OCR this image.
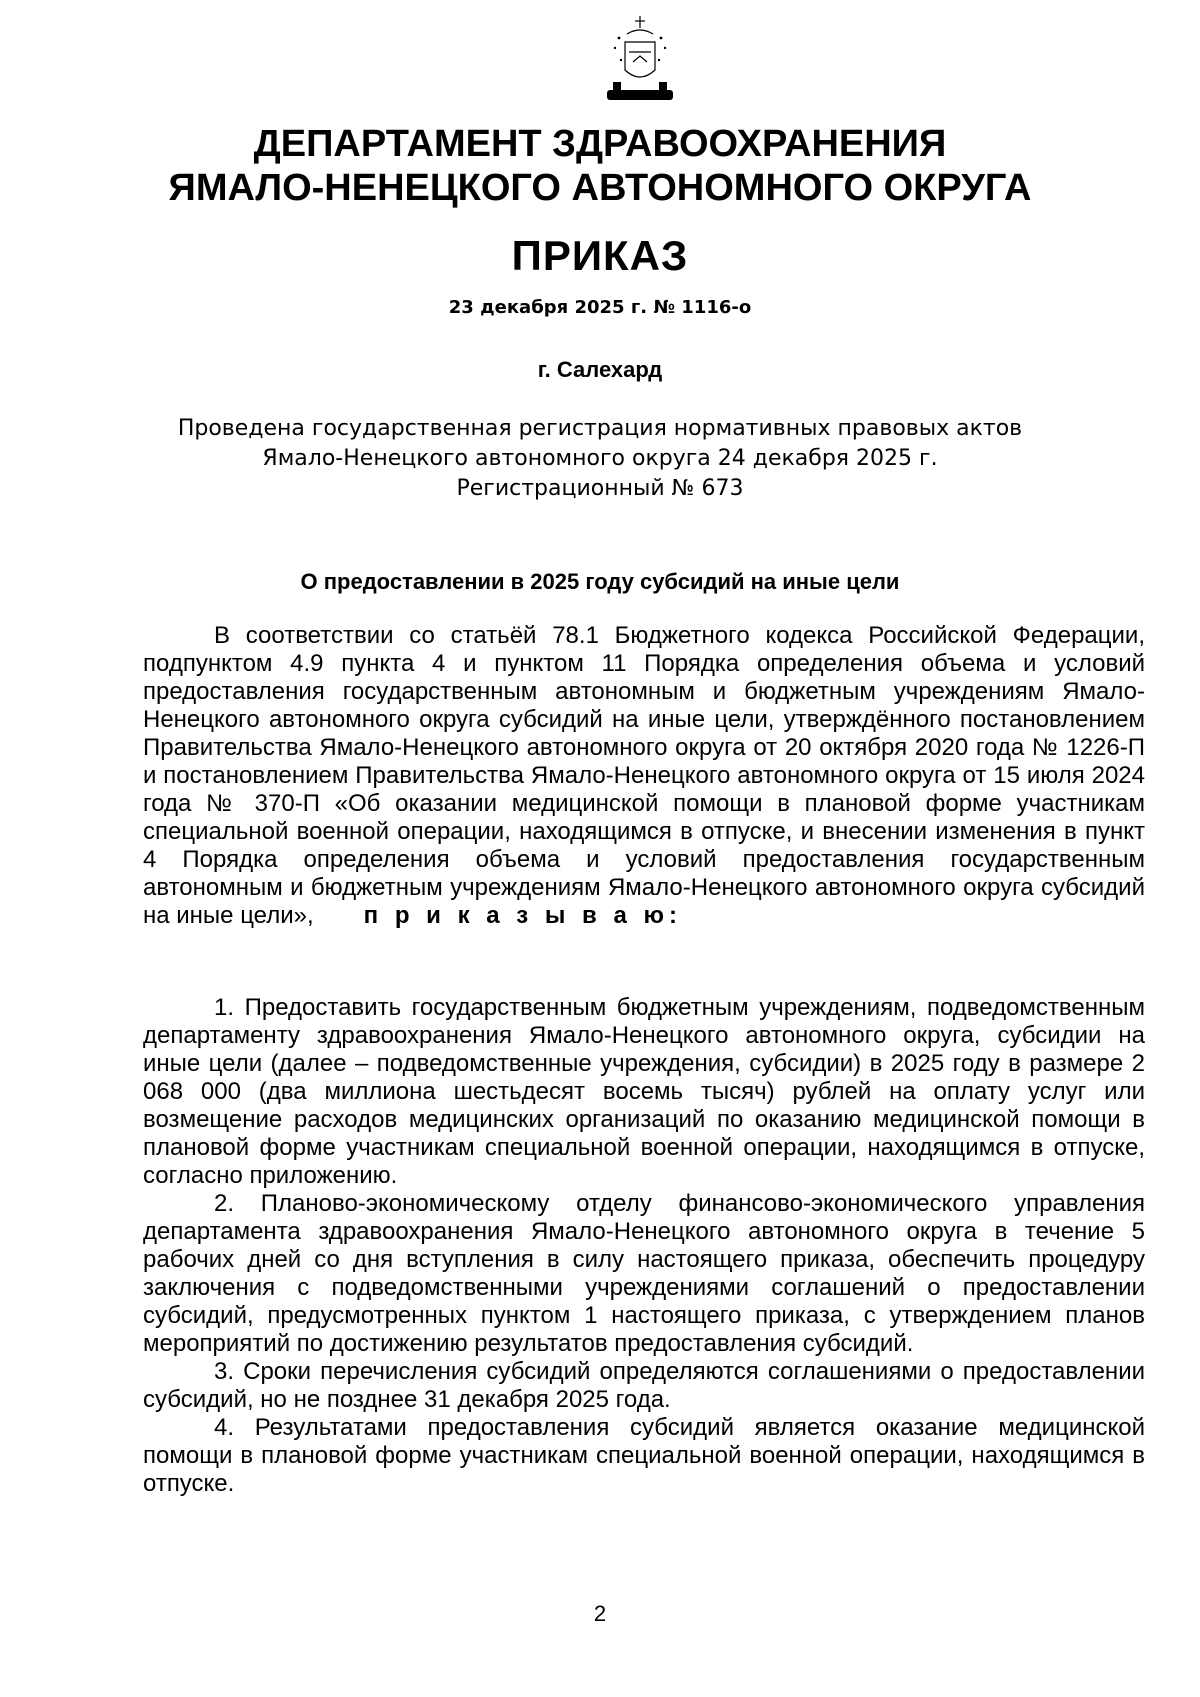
ДЕПАРТАМЕНТ ЗДРАВООХРАНЕНИЯ
ЯМАЛО-НЕНЕЦКОГО АВТОНОМНОГО ОКРУГА
ПРИКАЗ
23 декабря 2025 г. № 1116-о
г. Салехард
Проведена государственная регистрация нормативных правовых актов
Ямало-Ненецкого автономного округа 24 декабря 2025 г.
Регистрационный № 673
О предоставлении в 2025 году субсидий на иные цели

В соответствии со статьёй 78.1 Бюджетного кодекса Российской Федерации, подпунктом 4.9 пункта 4 и пунктом 11 Порядка определения объема и условий предоставления государственным автономным и бюджетным учреждениям Ямало-Ненецкого автономного округа субсидий на иные цели, утверждённого постановлением Правительства Ямало-Ненецкого автономного округа от 20 октября 2020 года № 1226-П и постановлением Правительства Ямало-Ненецкого автономного округа от 15 июля 2024 года № 370-П «Об оказании медицинской помощи в плановой форме участникам специальной военной операции, находящимся в отпуске, и внесении изменения в пункт 4 Порядка определения объема и условий предоставления государственным автономным и бюджетным учреждениям Ямало-Ненецкого автономного округа субсидий на иные цели», п р и к а з ы в а ю:

1. Предоставить государственным бюджетным учреждениям, подведомственным департаменту здравоохранения Ямало-Ненецкого автономного округа, субсидии на иные цели (далее – подведомственные учреждения, субсидии) в 2025 году в размере 2 068 000 (два миллиона шестьдесят восемь тысяч) рублей на оплату услуг или возмещение расходов медицинских организаций по оказанию медицинской помощи в плановой форме участникам специальной военной операции, находящимся в отпуске, согласно приложению.

2. Планово-экономическому отделу финансово-экономического управления департамента здравоохранения Ямало-Ненецкого автономного округа в течение 5 рабочих дней со дня вступления в силу настоящего приказа, обеспечить процедуру заключения с подведомственными учреждениями соглашений о предоставлении субсидий, предусмотренных пунктом 1 настоящего приказа, с утверждением планов мероприятий по достижению результатов предоставления субсидий.

3. Сроки перечисления субсидий определяются соглашениями о предоставлении субсидий, но не позднее 31 декабря 2025 года.

4. Результатами предоставления субсидий является оказание медицинской помощи в плановой форме участникам специальной военной операции, находящимся в отпуске.

2
